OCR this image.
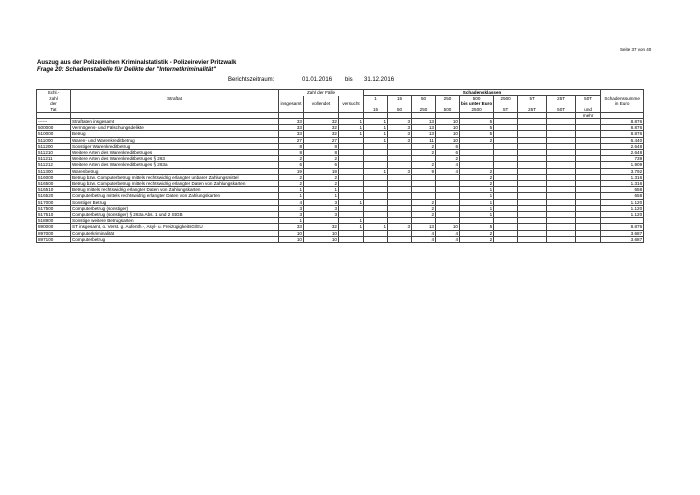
Seite 37 von 40
Auszug aus der Polizeilichen Kriminalstatistik - Polizeirevier Pritzwalk
Frage 20: Schadenstabelle für Delikte der "Internetkriminalität"
Berichtszeitraum:	01.01.2016 bis 31.12.2016
Schl.-		Zahl der Fälle			Schadensklassen									
zahl	Straftat				1	15	50	250	500	2500	5T	25T	50T	Schadenssumme
der		insgesamt	vollendet	versucht					bis unter Euro					in Euro
Tat					15	50	250	500	2500	5T	25T	50T	und	
													mehr	
------	Straftaten insgesamt	33	32	1	1	3	13	10	5					8.876
500000	Vermögens- und Fälschungsdelikte	33	32	1	1	3	13	10	5					8.876
510000	Betrug	33	32	1	1	3	13	10	5					8.876
511000	Waren- und Warenkreditbetrug	27	27		1	3	11	10	2					6.440
511200	Sonstiger Warenkreditbetrug	8	8				2	6						2.648
511210	Weitere Arten des Warenkreditbetruges	8	8				2	6						2.648
511211	Weitere Arten des Warenkreditbetruges § 263	2	2					2						739
511212	Weitere Arten des Warenkreditbetruges § 263a	6	6				2	4						1.909
511300	Warenbetrug	19	19		1	3	9	4	2					3.792
516000	Betrug bzw. Computerbetrug mittels rechtswidrig erlangter unbarer Zahlungsmittel	2	2						2					1.316
516500	Betrug bzw. Computerbetrug mittels rechtswidrig erlangter Daten von Zahlungskarten	2	2						2					1.316
516510	Betrug mittels rechtswidrig erlangter Daten von Zahlungskarten	1	1						1					658
516520	Computerbetrug mittels rechtswidrig erlangter Daten von Zahlungskarten	1	1						1					658
517000	Sonstiger Betrug	4	3	1			2		1					1.120
517500	Computerbetrug (sonstiger)	3	3				2		1					1.120
517510	Computerbetrug (sonstiger) § 263a Abs. 1 und 2 StGB	3	3				2		1					1.120
518900	Sonstige weitere Betrugsarten	1		1										
890000	ST insgesamt, o. Verst. g. Aufenth.-, Asyl- u. FreizügigkeitsG/EU	33	32	1	1	3	13	10	5					8.876
897000	Computerkriminalität	10	10				4	4	2					3.687
897100	Computerbetrug	10	10				4	4	2					3.687
